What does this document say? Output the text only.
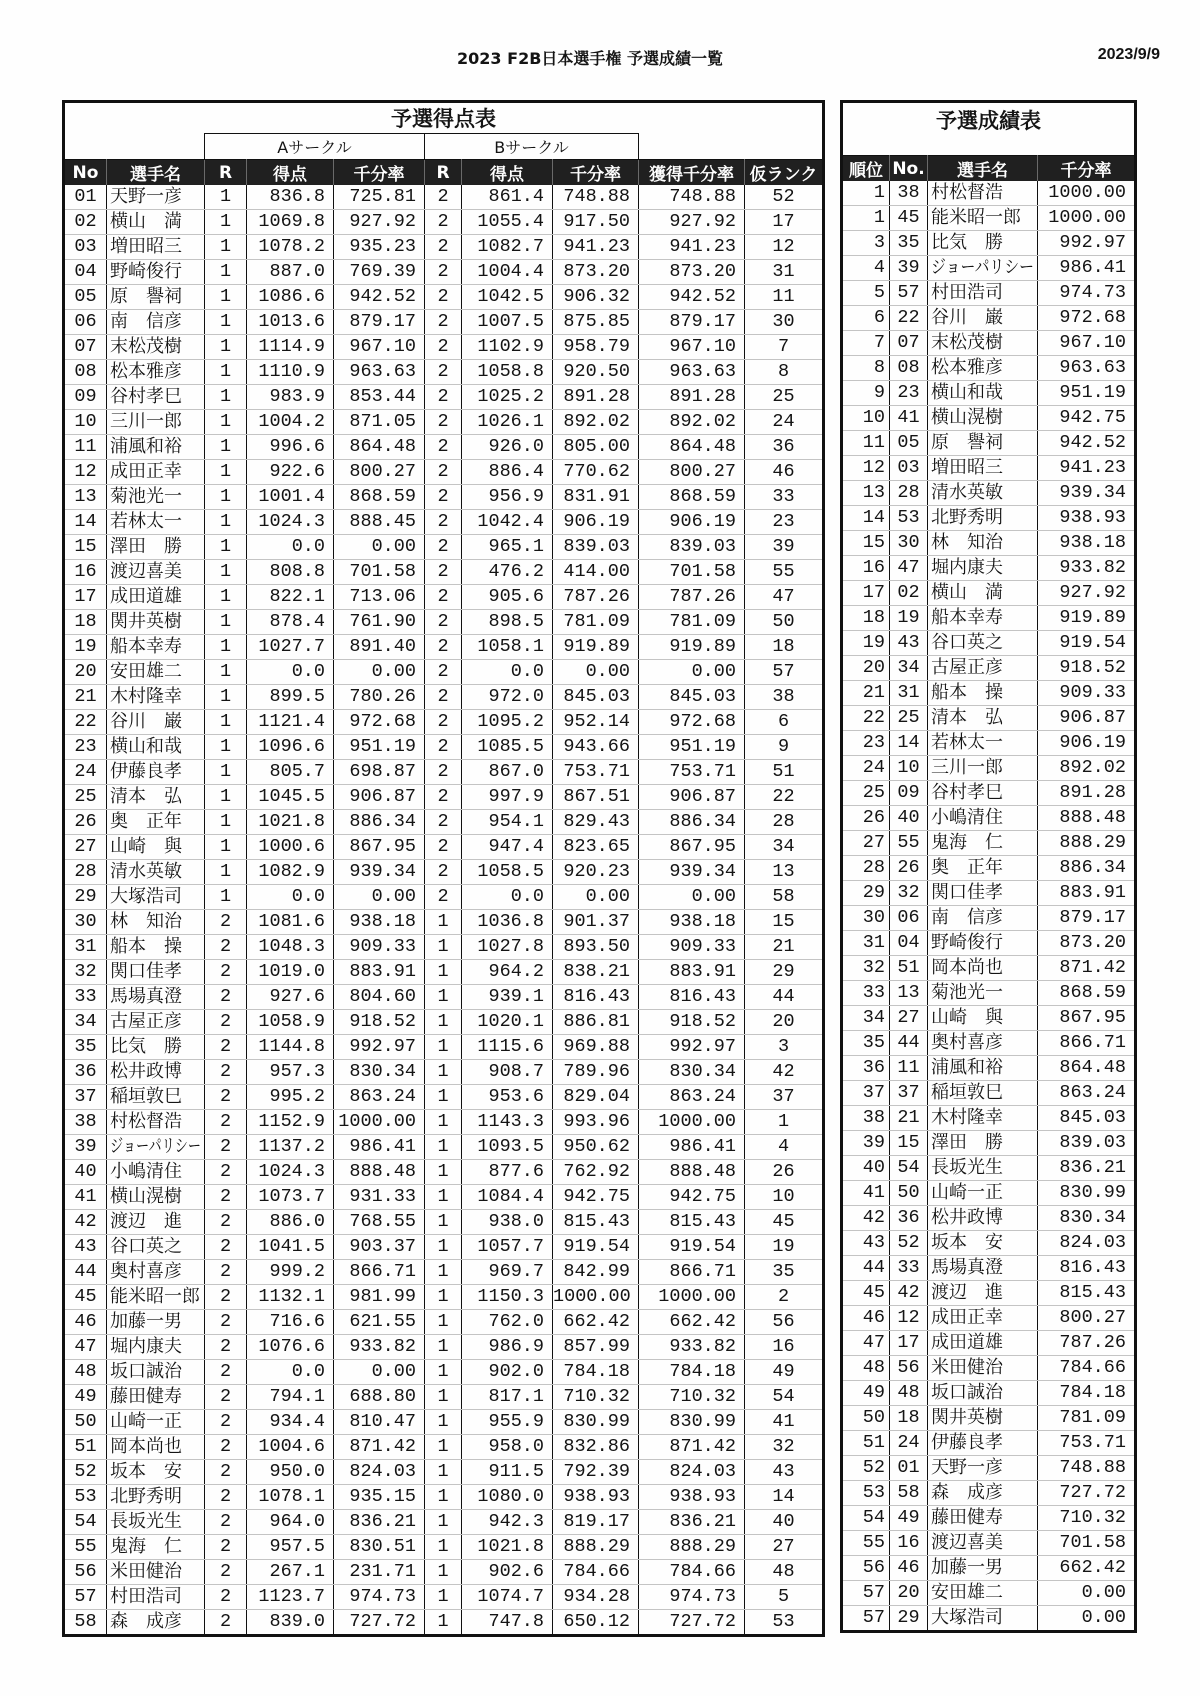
2023 F2B日本選手権 予選成績一覧	2023/9/9
予選得点表									
		Aサークル			Bサークル				
No	選手名	R	得点	千分率	R	得点	千分率	獲得千分率	仮ランク
01	天野一彦	1	836.8	725.81	2	861.4	748.88	748.88	52
02	横山　満	1	1069.8	927.92	2	1055.4	917.50	927.92	17
03	増田昭三	1	1078.2	935.23	2	1082.7	941.23	941.23	12
04	野崎俊行	1	887.0	769.39	2	1004.4	873.20	873.20	31
05	原　譽祠	1	1086.6	942.52	2	1042.5	906.32	942.52	11
06	南　信彦	1	1013.6	879.17	2	1007.5	875.85	879.17	30
07	末松茂樹	1	1114.9	967.10	2	1102.9	958.79	967.10	7
08	松本雅彦	1	1110.9	963.63	2	1058.8	920.50	963.63	8
09	谷村孝巳	1	983.9	853.44	2	1025.2	891.28	891.28	25
10	三川一郎	1	1004.2	871.05	2	1026.1	892.02	892.02	24
11	浦風和裕	1	996.6	864.48	2	926.0	805.00	864.48	36
12	成田正幸	1	922.6	800.27	2	886.4	770.62	800.27	46
13	菊池光一	1	1001.4	868.59	2	956.9	831.91	868.59	33
14	若林太一	1	1024.3	888.45	2	1042.4	906.19	906.19	23
15	澤田　勝	1	0.0	0.00	2	965.1	839.03	839.03	39
16	渡辺喜美	1	808.8	701.58	2	476.2	414.00	701.58	55
17	成田道雄	1	822.1	713.06	2	905.6	787.26	787.26	47
18	関井英樹	1	878.4	761.90	2	898.5	781.09	781.09	50
19	船本幸寿	1	1027.7	891.40	2	1058.1	919.89	919.89	18
20	安田雄二	1	0.0	0.00	2	0.0	0.00	0.00	57
21	木村隆幸	1	899.5	780.26	2	972.0	845.03	845.03	38
22	谷川　巌	1	1121.4	972.68	2	1095.2	952.14	972.68	6
23	横山和哉	1	1096.6	951.19	2	1085.5	943.66	951.19	9
24	伊藤良孝	1	805.7	698.87	2	867.0	753.71	753.71	51
25	清本　弘	1	1045.5	906.87	2	997.9	867.51	906.87	22
26	奥　正年	1	1021.8	886.34	2	954.1	829.43	886.34	28
27	山崎　與	1	1000.6	867.95	2	947.4	823.65	867.95	34
28	清水英敏	1	1082.9	939.34	2	1058.5	920.23	939.34	13
29	大塚浩司	1	0.0	0.00	2	0.0	0.00	0.00	58
30	林　知治	2	1081.6	938.18	1	1036.8	901.37	938.18	15
31	船本　操	2	1048.3	909.33	1	1027.8	893.50	909.33	21
32	関口佳孝	2	1019.0	883.91	1	964.2	838.21	883.91	29
33	馬場真澄	2	927.6	804.60	1	939.1	816.43	816.43	44
34	古屋正彦	2	1058.9	918.52	1	1020.1	886.81	918.52	20
35	比気　勝	2	1144.8	992.97	1	1115.6	969.88	992.97	3
36	松井政博	2	957.3	830.34	1	908.7	789.96	830.34	42
37	稲垣敦巳	2	995.2	863.24	1	953.6	829.04	863.24	37
38	村松督浩	2	1152.9	1000.00	1	1143.3	993.96	1000.00	1
39	ジョーパリシー	2	1137.2	986.41	1	1093.5	950.62	986.41	4
40	小嶋清住	2	1024.3	888.48	1	877.6	762.92	888.48	26
41	横山滉樹	2	1073.7	931.33	1	1084.4	942.75	942.75	10
42	渡辺　進	2	886.0	768.55	1	938.0	815.43	815.43	45
43	谷口英之	2	1041.5	903.37	1	1057.7	919.54	919.54	19
44	奥村喜彦	2	999.2	866.71	1	969.7	842.99	866.71	35
45	能米昭一郎	2	1132.1	981.99	1	1150.3	1000.00	1000.00	2
46	加藤一男	2	716.6	621.55	1	762.0	662.42	662.42	56
47	堀内康夫	2	1076.6	933.82	1	986.9	857.99	933.82	16
48	坂口誠治	2	0.0	0.00	1	902.0	784.18	784.18	49
49	藤田健寿	2	794.1	688.80	1	817.1	710.32	710.32	54
50	山崎一正	2	934.4	810.47	1	955.9	830.99	830.99	41
51	岡本尚也	2	1004.6	871.42	1	958.0	832.86	871.42	32
52	坂本　安	2	950.0	824.03	1	911.5	792.39	824.03	43
53	北野秀明	2	1078.1	935.15	1	1080.0	938.93	938.93	14
54	長坂光生	2	964.0	836.21	1	942.3	819.17	836.21	40
55	鬼海　仁	2	957.5	830.51	1	1021.8	888.29	888.29	27
56	米田健治	2	267.1	231.71	1	902.6	784.66	784.66	48
57	村田浩司	2	1123.7	974.73	1	1074.7	934.28	974.73	5
58	森　成彦	2	839.0	727.72	1	747.8	650.12	727.72	53
予選成績表			
順位	No.	選手名	千分率
1	38	村松督浩	1000.00
1	45	能米昭一郎	1000.00
3	35	比気　勝	992.97
4	39	ジョーパリシー	986.41
5	57	村田浩司	974.73
6	22	谷川　巌	972.68
7	07	末松茂樹	967.10
8	08	松本雅彦	963.63
9	23	横山和哉	951.19
10	41	横山滉樹	942.75
11	05	原　譽祠	942.52
12	03	増田昭三	941.23
13	28	清水英敏	939.34
14	53	北野秀明	938.93
15	30	林　知治	938.18
16	47	堀内康夫	933.82
17	02	横山　満	927.92
18	19	船本幸寿	919.89
19	43	谷口英之	919.54
20	34	古屋正彦	918.52
21	31	船本　操	909.33
22	25	清本　弘	906.87
23	14	若林太一	906.19
24	10	三川一郎	892.02
25	09	谷村孝巳	891.28
26	40	小嶋清住	888.48
27	55	鬼海　仁	888.29
28	26	奥　正年	886.34
29	32	関口佳孝	883.91
30	06	南　信彦	879.17
31	04	野崎俊行	873.20
32	51	岡本尚也	871.42
33	13	菊池光一	868.59
34	27	山崎　與	867.95
35	44	奥村喜彦	866.71
36	11	浦風和裕	864.48
37	37	稲垣敦巳	863.24
38	21	木村隆幸	845.03
39	15	澤田　勝	839.03
40	54	長坂光生	836.21
41	50	山崎一正	830.99
42	36	松井政博	830.34
43	52	坂本　安	824.03
44	33	馬場真澄	816.43
45	42	渡辺　進	815.43
46	12	成田正幸	800.27
47	17	成田道雄	787.26
48	56	米田健治	784.66
49	48	坂口誠治	784.18
50	18	関井英樹	781.09
51	24	伊藤良孝	753.71
52	01	天野一彦	748.88
53	58	森　成彦	727.72
54	49	藤田健寿	710.32
55	16	渡辺喜美	701.58
56	46	加藤一男	662.42
57	20	安田雄二	0.00
57	29	大塚浩司	0.00
